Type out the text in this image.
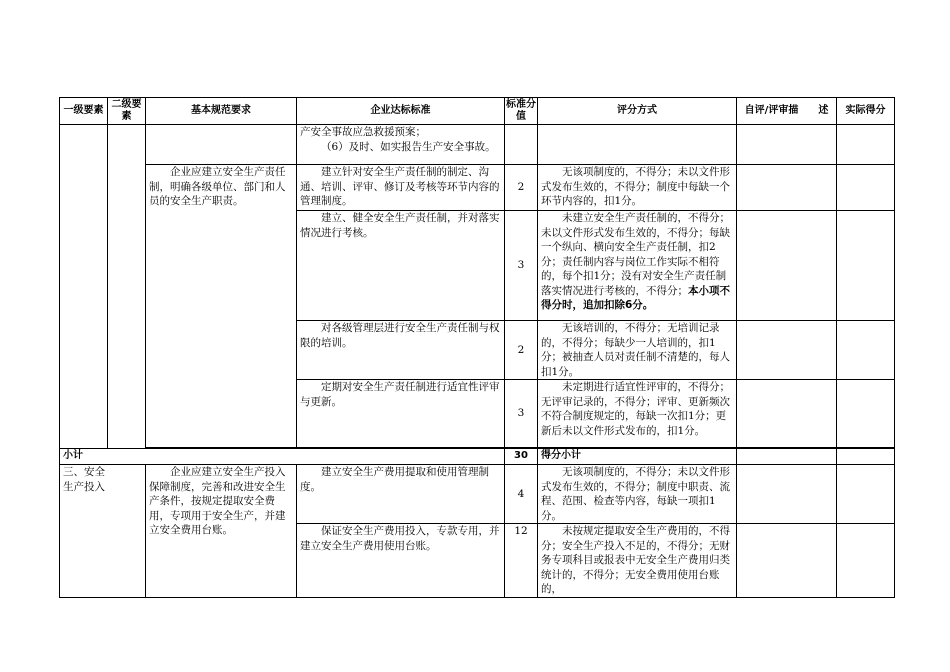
一级要素	二级要素	基本规范要求	企业达标标准	标准分值	评分方式	自评/评审描　　述	实际得分

			产安全事故应急救援预案；
（6）及时、如实报告生产安全事故。				

		企业应建立安全生产责任制，明确各级单位、部门和人员的安全生产职责。	建立针对安全生产责任制的制定、沟通、培训、评审、修订及考核等环节内容的管理制度。	2	无该项制度的，不得分；未以文件形式发布生效的，不得分；制度中每缺一个环节内容的，扣1分。		
			建立、健全安全生产责任制，并对落实情况进行考核。	3	未建立安全生产责任制的，不得分；未以文件形式发布生效的，不得分；每缺一个纵向、横向安全生产责任制，扣2分；责任制内容与岗位工作实际不相符的，每个扣1分；没有对安全生产责任制落实情况进行考核的，不得分；本小项不得分时，追加扣除6分。		
			对各级管理层进行安全生产责任制与权限的培训。	2	无该培训的，不得分；无培训记录的，不得分；每缺少一人培训的，扣1分；被抽查人员对责任制不清楚的，每人扣1分。		
			定期对安全生产责任制进行适宜性评审与更新。	3	未定期进行适宜性评审的，不得分；无评审记录的，不得分；评审、更新频次不符合制度规定的，每缺一次扣1分；更新后未以文件形式发布的，扣1分。		

小计				30	得分小计		

三、安全生产投入		企业应建立安全生产投入保障制度，完善和改进安全生产条件，按规定提取安全费用，专项用于安全生产，并建立安全费用台账。	建立安全生产费用提取和使用管理制度。	4	无该项制度的，不得分；未以文件形式发布生效的，不得分；制度中职责、流程、范围、检查等内容，每缺一项扣1分。		
			保证安全生产费用投入，专款专用，并建立安全生产费用使用台账。	12	未按规定提取安全生产费用的，不得分；安全生产投入不足的，不得分；无财务专项科目或报表中无安全生产费用归类统计的，不得分；无安全费用使用台账的，		
